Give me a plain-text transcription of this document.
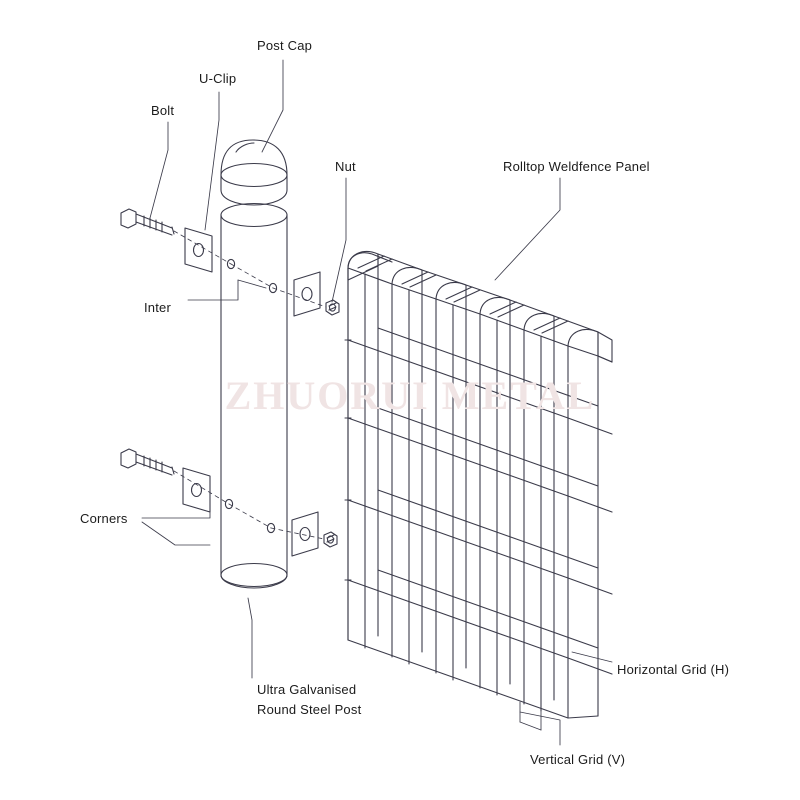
Post Cap
U-Clip
Bolt
Nut	Rolltop Weldfence Panel
Inter
Corners
Ultra Galvanised
Round Steel Post
Horizontal Grid (H)
Vertical Grid (V)
ZHUORUI METAL
